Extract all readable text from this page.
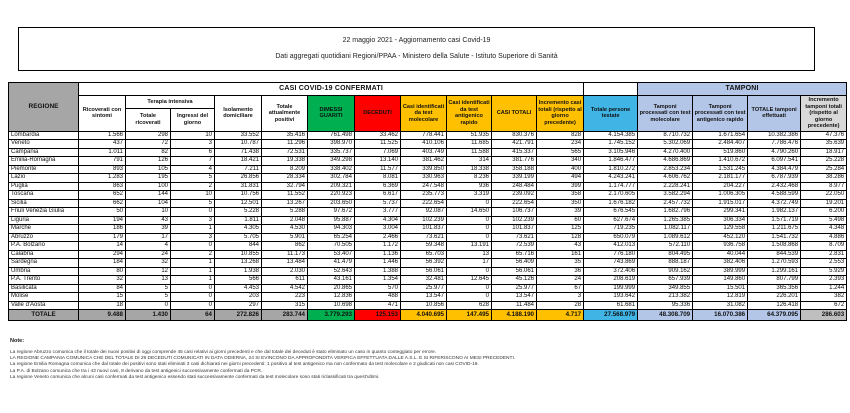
22 maggio 2021 - Aggiornamento casi Covid-19
Dati aggregati quotidiani Regioni/PPAA - Ministero della Salute - Istituto Superiore di Sanità
REGIONE	CASI COVID-19 CONFERMATI												TAMPONI			
	Ricoverati con sintomi	Terapia intensiva		Isolamento domiciliare	Totale attualmente positivi	DIMESSI GUARITI	DECEDUTI	Casi identificati da test molecolare	Casi identificati da test antigenico rapido	CASI TOTALI	Incremento casi totali (rispetto al giorno precedente)	Totale persone testate	Tamponi processati con test molecolare	Tamponi processati con test antigenico rapido	TOTALE tamponi effettuati	Incremento tamponi totali (rispetto al giorno precedente)
		Totale ricoverati	Ingressi del giorno													
Lombardia	1.566	298	10	33.552	35.416	761.498	33.462	778.441	51.935	830.376	828	4.154.385	8.710.732	1.671.654	10.382.386	47.376
Veneto	437	72	3	10.787	11.296	398.970	11.525	410.106	11.685	421.791	234	1.745.152	5.302.069	2.484.407	7.786.476	35.639
Campania	1.011	82	6	71.438	72.531	335.737	7.069	403.749	11.588	415.337	565	3.105.946	4.270.400	519.860	4.790.260	18.917
Emilia-Romagna	791	126	7	18.421	19.338	349.298	13.140	381.462	314	381.776	340	1.846.477	4.686.869	1.410.672	6.097.541	25.228
Piemonte	893	105	4	7.211	8.209	338.402	11.577	339.850	18.338	358.188	400	1.810.272	2.853.234	1.531.245	4.384.479	25.284
Lazio	1.283	195	5	26.856	28.334	302.784	8.081	330.963	8.236	339.199	494	4.243.241	4.606.762	2.181.177	6.787.939	38.286
Puglia	863	100	2	31.831	32.794	209.321	6.369	247.548	936	248.484	399	1.174.777	2.228.241	204.227	2.432.468	8.977
Toscana	652	144	10	10.756	11.552	220.923	6.617	235.773	3.319	239.092	358	2.170.605	3.582.294	1.006.305	4.588.599	22.050
Sicilia	662	104	5	12.501	13.267	203.650	5.737	222.654	0	222.654	350	1.676.182	2.457.732	1.915.017	4.372.749	19.201
Friuli Venezia Giulia	50	10	0	5.228	5.288	97.672	3.777	92.087	14.650	106.737	39	676.545	1.682.796	299.341	1.982.137	6.200
Liguria	194	43	3	1.811	2.048	95.887	4.304	102.239	0	102.239	60	627.674	1.265.385	306.334	1.571.719	5.498
Marche	186	39	1	4.305	4.530	94.303	3.004	101.837	0	101.837	125	719.235	1.082.117	129.558	1.211.675	4.348
Abruzzo	179	17	3	5.705	5.901	65.254	2.466	73.621	0	73.621	128	650.079	1.089.612	452.120	1.541.732	4.886
P.A. Bolzano	14	4	0	844	862	70.505	1.172	59.348	13.191	72.539	43	412.013	572.110	936.758	1.508.868	8.709
Calabria	294	24	2	10.855	11.173	53.407	1.136	65.703	13	65.716	161	776.180	804.495	40.044	844.539	2.831
Sardegna	184	32	1	13.268	13.484	41.479	1.446	56.392	17	56.409	35	743.869	888.187	382.406	1.270.593	2.553
Umbria	80	12	1	1.938	2.030	52.643	1.388	56.061	0	56.061	36	372.406	909.162	389.999	1.299.161	5.929
P.A. Trento	32	13	1	566	611	43.161	1.354	32.481	12.645	45.126	24	208.619	657.939	149.860	807.799	2.393
Basilicata	84	5	0	4.453	4.542	20.865	570	25.977	0	25.977	67	199.999	349.855	15.501	365.356	1.244
Molise	15	5	0	203	223	12.836	488	13.547	0	13.547	3	193.642	213.382	12.819	226.201	382
Valle d'Aosta	18	0	0	297	315	10.698	471	10.856	628	11.484	28	61.681	95.336	31.082	126.418	672
TOTALE	9.488	1.430	64	272.826	283.744	3.779.293	125.153	4.040.695	147.495	4.188.190	4.717	27.568.979	48.308.709	16.070.386	64.379.095	286.603
Note:
La regione Abruzzo comunica che il totale dei nuovi positivi di oggi comprende 45 casi relativi ai giorni precedenti e che dal totale dei deceduti è stato eliminato un caso in quanto conteggiato per errore.
LA REGIONE CAMPANIA COMUNICA CHE DEL TOTALE DI 29 DECEDUTI COMUNICATI IN DATA ODIERNA, 24 SI EVINCONO DA APPROFONDITA VERIFICA EFFETTUATA DALLE A.S.L. E SI RIFERISCONO AI MESI PRECEDENTI.
La regione Emilia Romagna comunica che dal totale dei positivi sono stati eliminati 3 casi dichiarati nei giorni precedenti: 1 positivo al test antigenico ma non confermato da test molecolare e 2 giudicati non casi COVID-19.
La P.A. di Bolzano comunica che tra i 43 nuovi casi, 8 derivano da test antigenici successivamente confermati da PCR.
La regione Veneto comunica che alcuni casi confermati da test antigenico essendo stati successivamente confermati da test molecolare sono stati riclassificati tra quest'ultimi.
